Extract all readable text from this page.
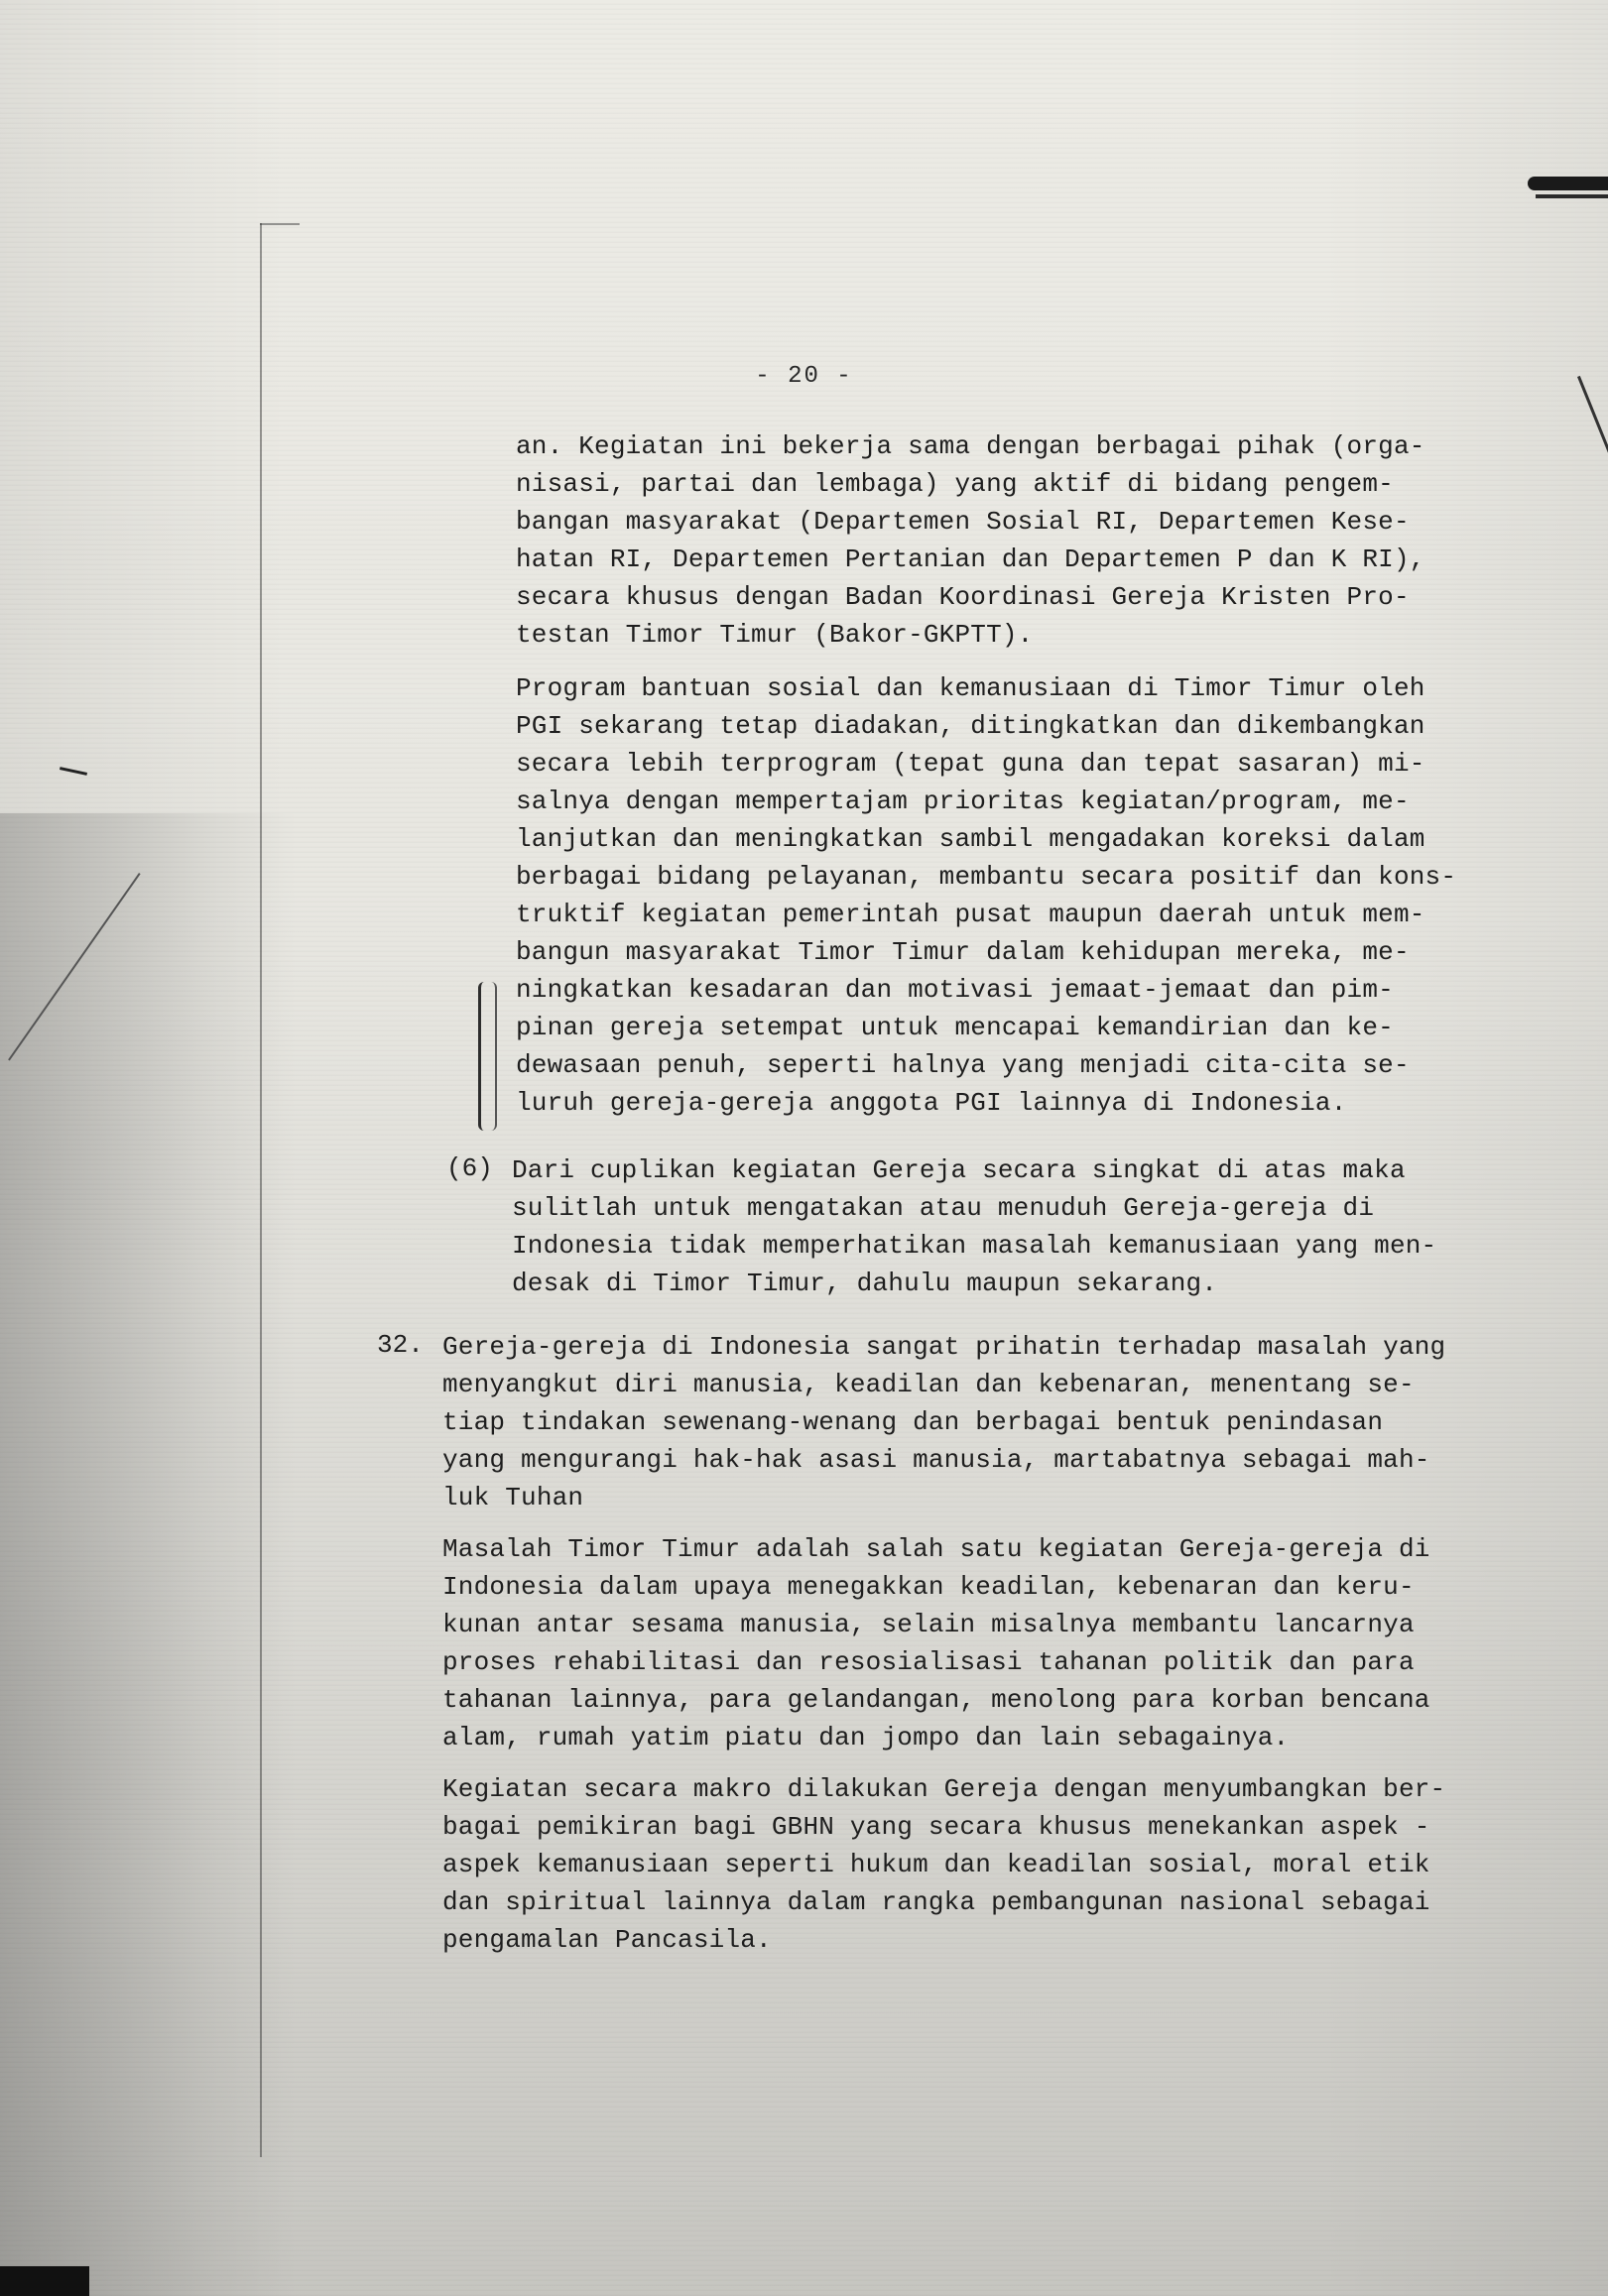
- 20 -
an. Kegiatan ini bekerja sama dengan berbagai pihak (orga-
nisasi, partai dan lembaga) yang aktif di bidang pengem-
bangan masyarakat (Departemen Sosial RI, Departemen Kese-
hatan RI, Departemen Pertanian dan Departemen P dan K RI),
secara khusus dengan Badan Koordinasi Gereja Kristen Pro-
testan Timor Timur (Bakor-GKPTT).
Program bantuan sosial dan kemanusiaan di Timor Timur oleh
PGI sekarang tetap diadakan, ditingkatkan dan dikembangkan
secara lebih terprogram (tepat guna dan tepat sasaran) mi-
salnya dengan mempertajam prioritas kegiatan/program, me-
lanjutkan dan meningkatkan sambil mengadakan koreksi dalam
berbagai bidang pelayanan, membantu secara positif dan kons-
truktif kegiatan pemerintah pusat maupun daerah untuk mem-
bangun masyarakat Timor Timur dalam kehidupan mereka, me-
ningkatkan kesadaran dan motivasi jemaat-jemaat dan pim-
pinan gereja setempat untuk mencapai kemandirian dan ke-
dewasaan penuh, seperti halnya yang menjadi cita-cita se-
luruh gereja-gereja anggota PGI lainnya di Indonesia.
(6) Dari cuplikan kegiatan Gereja secara singkat di atas maka
sulitlah untuk mengatakan atau menuduh Gereja-gereja di
Indonesia tidak memperhatikan masalah kemanusiaan yang men-
desak di Timor Timur, dahulu maupun sekarang.
32. Gereja-gereja di Indonesia sangat prihatin terhadap masalah yang
menyangkut diri manusia, keadilan dan kebenaran, menentang se-
tiap tindakan sewenang-wenang dan berbagai bentuk penindasan
yang mengurangi hak-hak asasi manusia, martabatnya sebagai mah-
luk Tuhan
Masalah Timor Timur adalah salah satu kegiatan Gereja-gereja di
Indonesia dalam upaya menegakkan keadilan, kebenaran dan keru-
kunan antar sesama manusia, selain misalnya membantu lancarnya
proses rehabilitasi dan resosialisasi tahanan politik dan para
tahanan lainnya, para gelandangan, menolong para korban bencana
alam, rumah yatim piatu dan jompo dan lain sebagainya.
Kegiatan secara makro dilakukan Gereja dengan menyumbangkan ber-
bagai pemikiran bagi GBHN yang secara khusus menekankan aspek -
aspek kemanusiaan seperti hukum dan keadilan sosial, moral etik
dan spiritual lainnya dalam rangka pembangunan nasional sebagai
pengamalan Pancasila.
